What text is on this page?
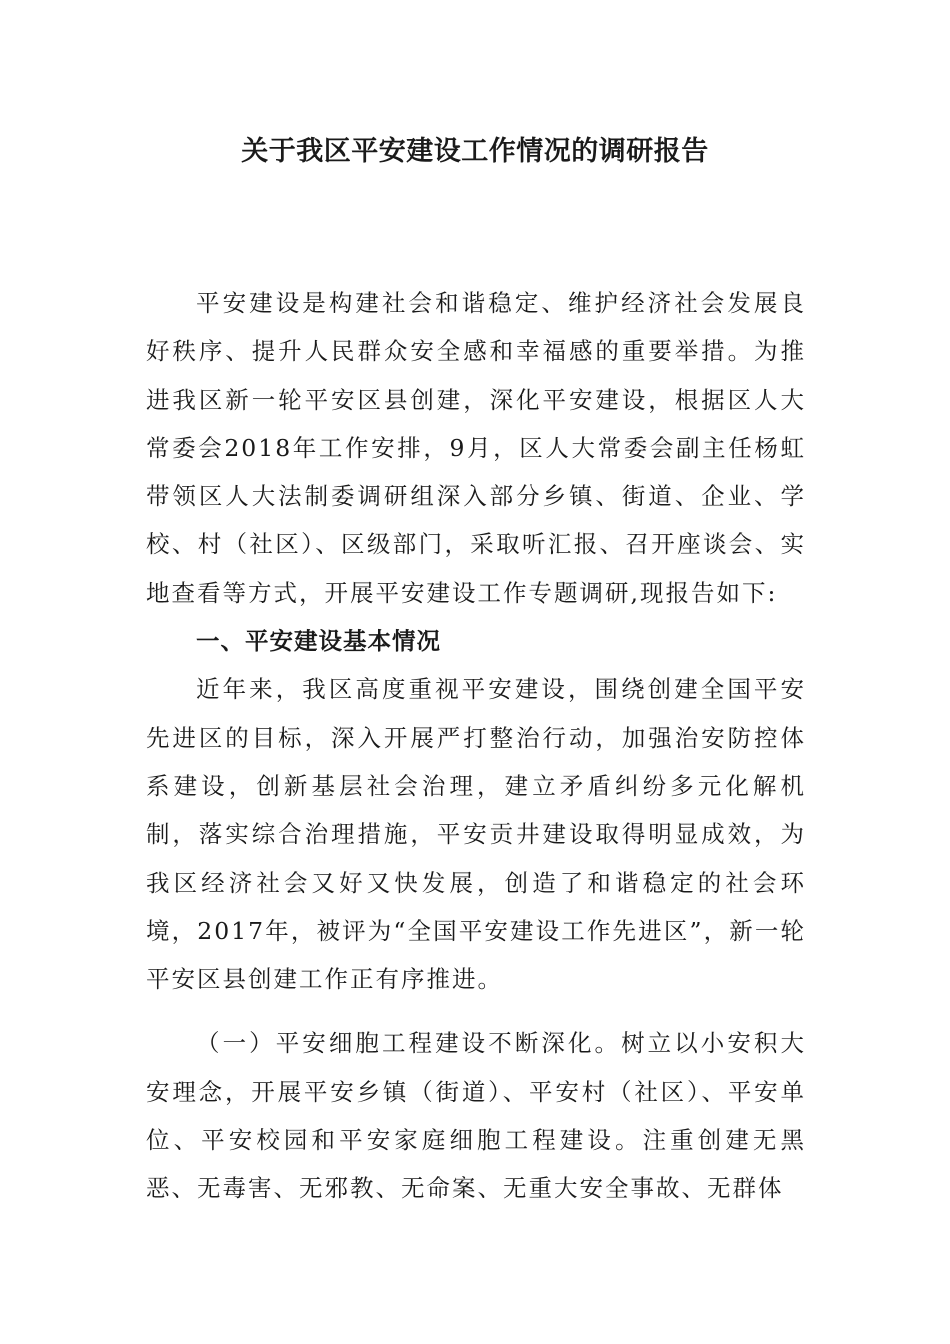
关于我区平安建设工作情况的调研报告

平安建设是构建社会和谐稳定、维护经济社会发展良好秩序、提升人民群众安全感和幸福感的重要举措。为推进我区新一轮平安区县创建，深化平安建设，根据区人大常委会2018年工作安排，9月，区人大常委会副主任杨虹带领区人大法制委调研组深入部分乡镇、街道、企业、学校、村（社区）、区级部门，采取听汇报、召开座谈会、实地查看等方式，开展平安建设工作专题调研,现报告如下:

一、平安建设基本情况

近年来，我区高度重视平安建设，围绕创建全国平安先进区的目标，深入开展严打整治行动，加强治安防控体系建设，创新基层社会治理，建立矛盾纠纷多元化解机制，落实综合治理措施，平安贡井建设取得明显成效，为我区经济社会又好又快发展，创造了和谐稳定的社会环境，2017年，被评为“全国平安建设工作先进区”，新一轮平安区县创建工作正有序推进。

（一）平安细胞工程建设不断深化。树立以小安积大安理念，开展平安乡镇（街道）、平安村（社区）、平安单位、平安校园和平安家庭细胞工程建设。注重创建无黑恶、无毒害、无邪教、无命案、无重大安全事故、无群体
